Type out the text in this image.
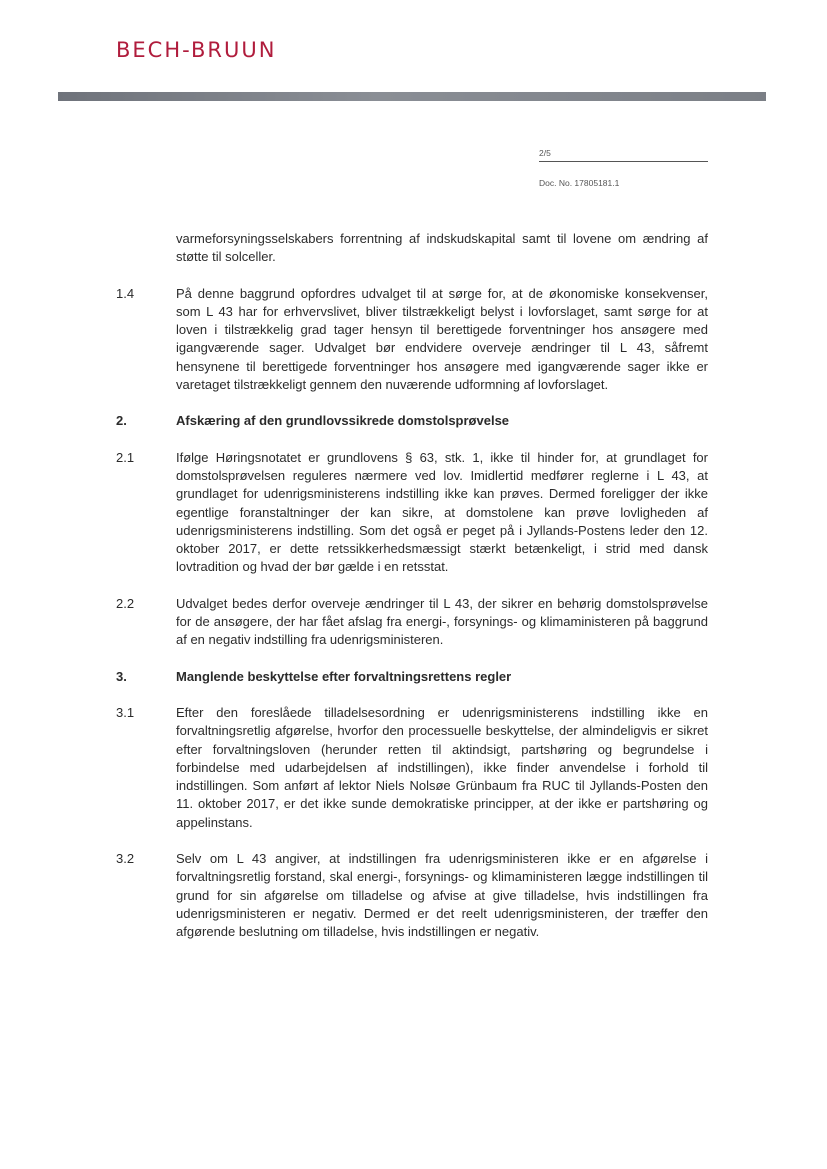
BECH-BRUUN
2/5
Doc. No. 17805181.1
varmeforsyningsselskabers forrentning af indskudskapital samt til lovene om ændring af støtte til solceller.
1.4	På denne baggrund opfordres udvalget til at sørge for, at de økonomiske konsekvenser, som L 43 har for erhvervslivet, bliver tilstrækkeligt belyst i lovforslaget, samt sørge for at loven i tilstrækkelig grad tager hensyn til berettigede forventninger hos ansøgere med igangværende sager. Udvalget bør endvidere overveje ændringer til L 43, såfremt hensynene til berettigede forventninger hos ansøgere med igangværende sager ikke er varetaget tilstrækkeligt gennem den nuværende udformning af lovforslaget.
2.	Afskæring af den grundlovssikrede domstolsprøvelse
2.1	Ifølge Høringsnotatet er grundlovens § 63, stk. 1, ikke til hinder for, at grundlaget for domstolsprøvelsen reguleres nærmere ved lov. Imidlertid medfører reglerne i L 43, at grundlaget for udenrigsministerens indstilling ikke kan prøves. Dermed foreligger der ikke egentlige foranstaltninger der kan sikre, at domstolene kan prøve lovligheden af udenrigsministerens indstilling. Som det også er peget på i Jyllands-Postens leder den 12. oktober 2017, er dette retssikkerhedsmæssigt stærkt betænkeligt, i strid med dansk lovtradition og hvad der bør gælde i en retsstat.
2.2	Udvalget bedes derfor overveje ændringer til L 43, der sikrer en behørig domstolsprøvelse for de ansøgere, der har fået afslag fra energi-, forsynings- og klimaministeren på baggrund af en negativ indstilling fra udenrigsministeren.
3.	Manglende beskyttelse efter forvaltningsrettens regler
3.1	Efter den foreslåede tilladelsesordning er udenrigsministerens indstilling ikke en forvaltningsretlig afgørelse, hvorfor den processuelle beskyttelse, der almindeligvis er sikret efter forvaltningsloven (herunder retten til aktindsigt, partshøring og begrundelse i forbindelse med udarbejdelsen af indstillingen), ikke finder anvendelse i forhold til indstillingen. Som anført af lektor Niels Nolsøe Grünbaum fra RUC til Jyllands-Posten den 11. oktober 2017, er det ikke sunde demokratiske principper, at der ikke er partshøring og appelinstans.
3.2	Selv om L 43 angiver, at indstillingen fra udenrigsministeren ikke er en afgørelse i forvaltningsretlig forstand, skal energi-, forsynings- og klimaministeren lægge indstillingen til grund for sin afgørelse om tilladelse og afvise at give tilladelse, hvis indstillingen fra udenrigsministeren er negativ. Dermed er det reelt udenrigsministeren, der træffer den afgørende beslutning om tilladelse, hvis indstillingen er negativ.
